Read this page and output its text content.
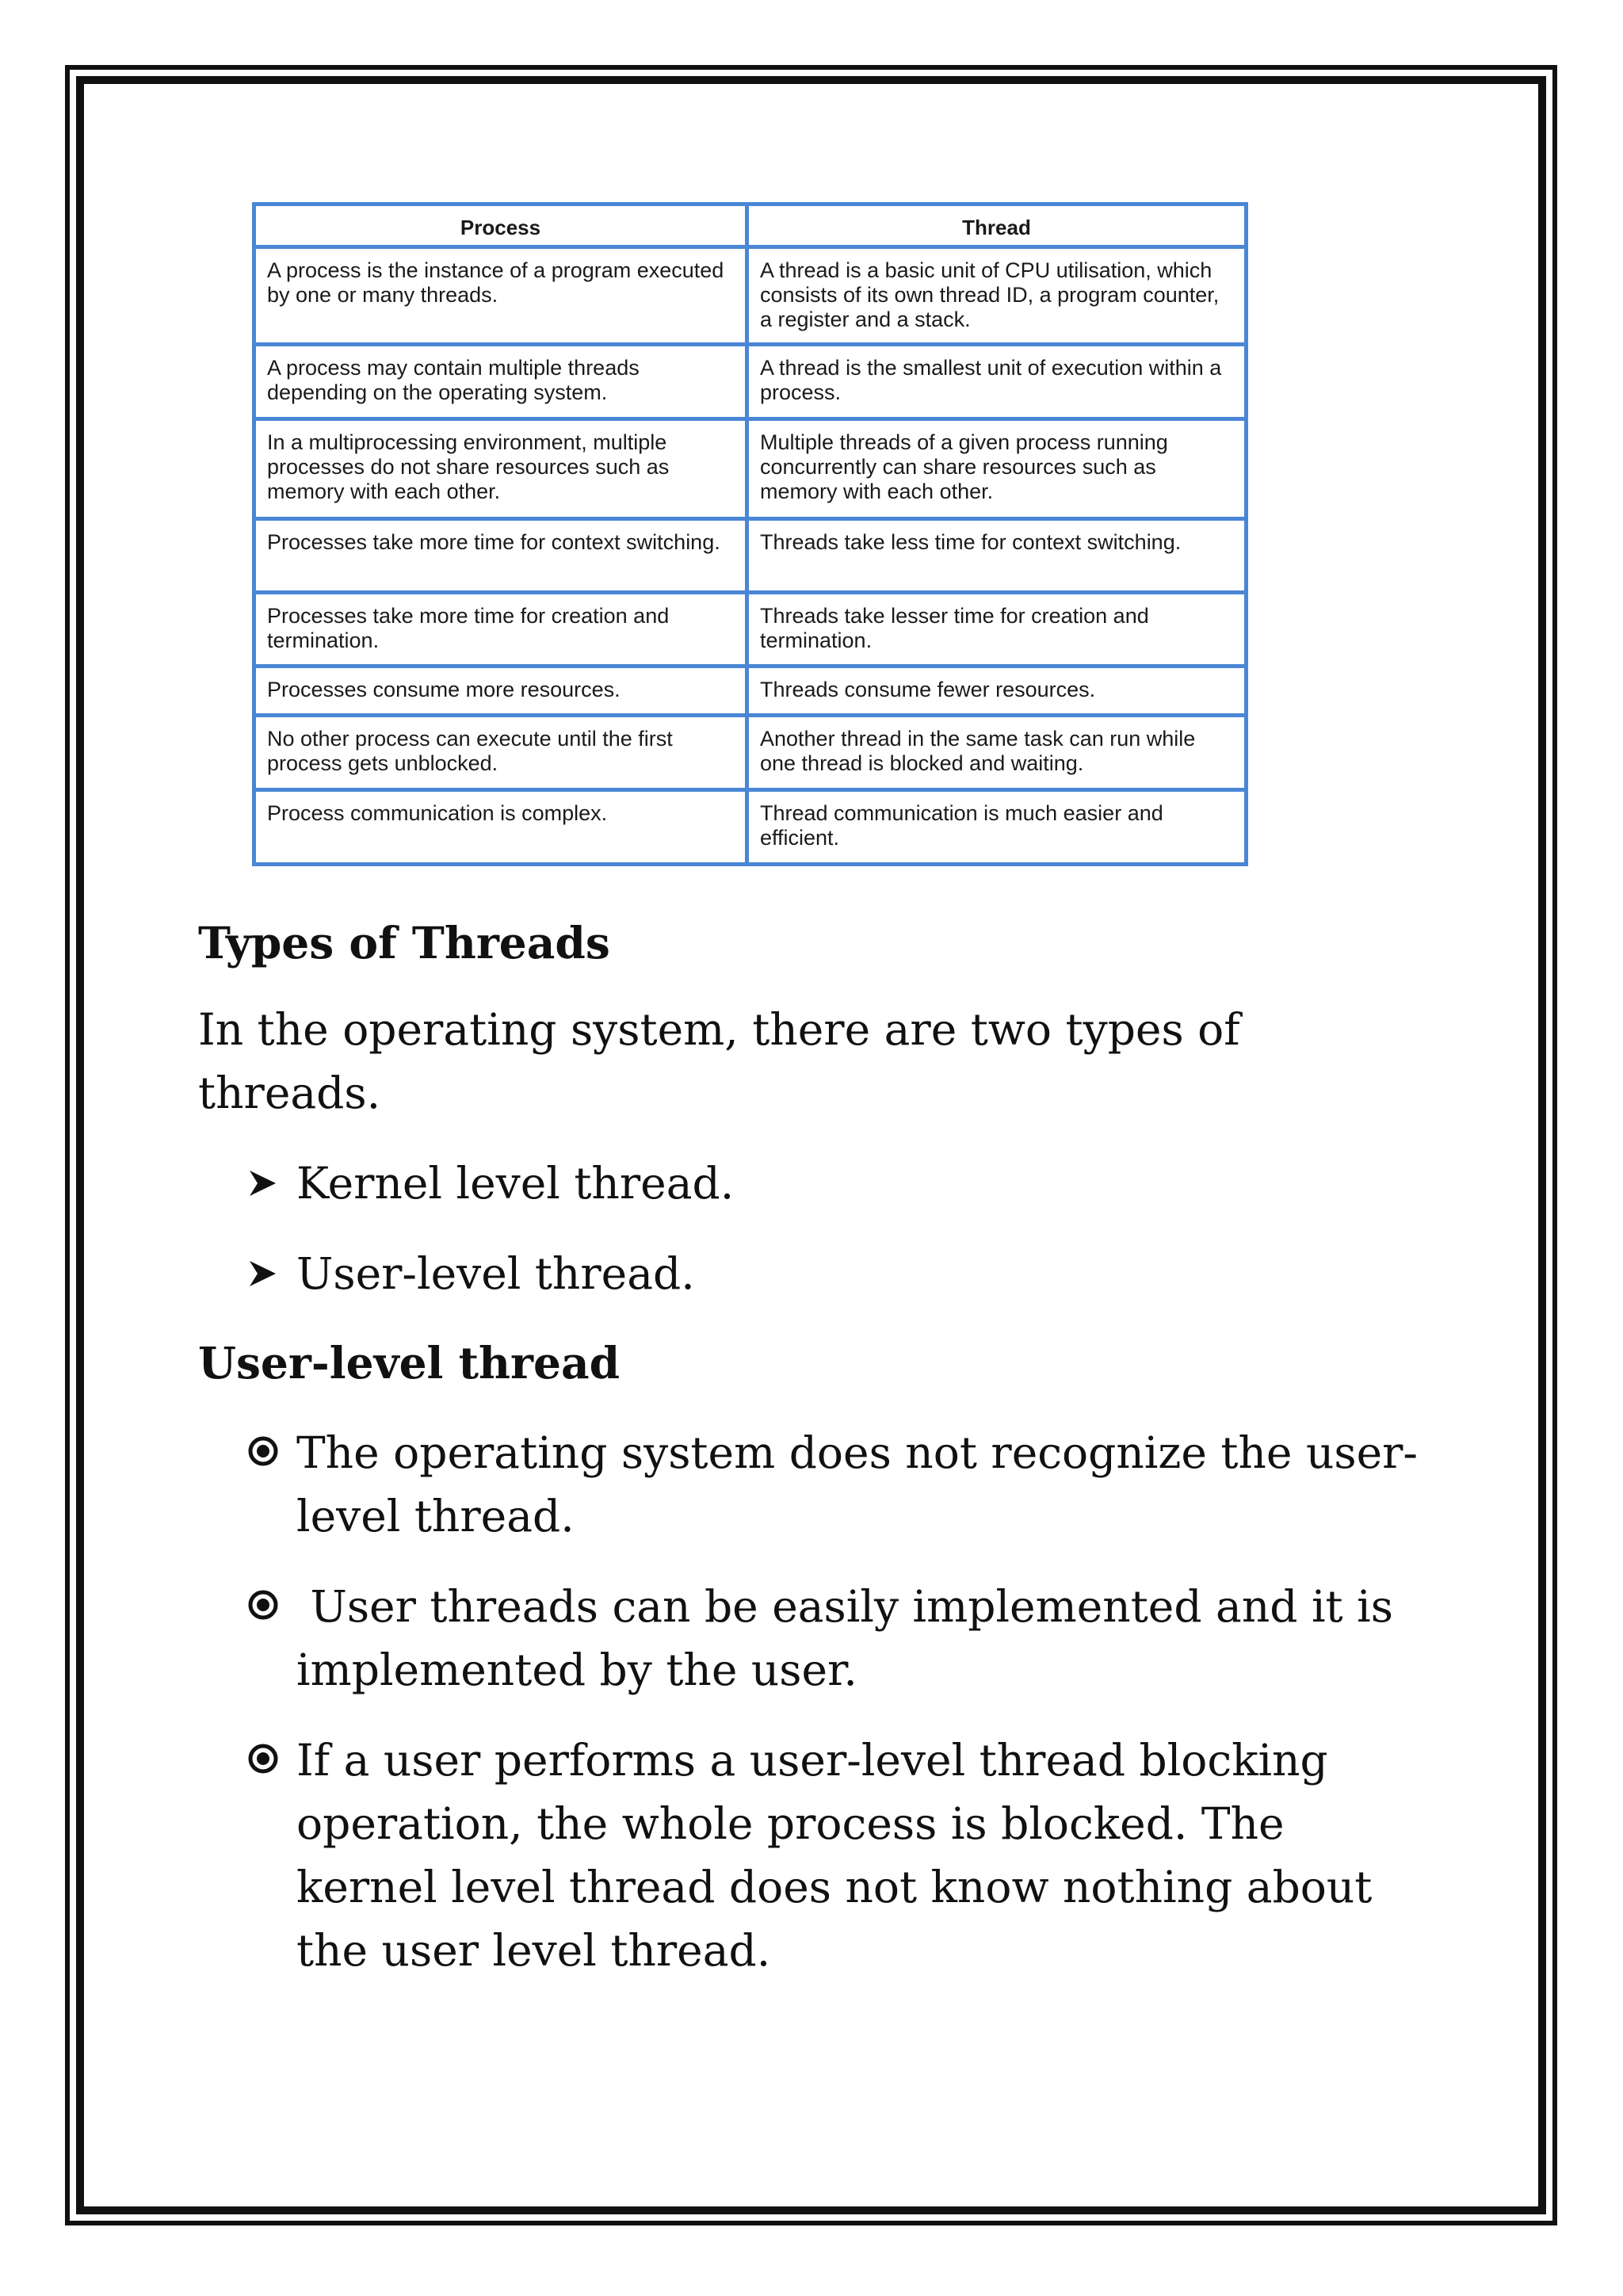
Process	Thread
A process is the instance of a program executed by one or many threads.	A thread is a basic unit of CPU utilisation, which consists of its own thread ID, a program counter, a register and a stack.
A process may contain multiple threads depending on the operating system.	A thread is the smallest unit of execution within a process.
In a multiprocessing environment, multiple processes do not share resources such as memory with each other.	Multiple threads of a given process running concurrently can share resources such as memory with each other.
Processes take more time for context switching.	Threads take less time for context switching.
Processes take more time for creation and termination.	Threads take lesser time for creation and termination.
Processes consume more resources.	Threads consume fewer resources.
No other process can execute until the first process gets unblocked.	Another thread in the same task can run while one thread is blocked and waiting.
Process communication is complex.	Thread communication is much easier and efficient.
Types of Threads

In the operating system, there are two types of threads.

Kernel level thread.
User-level thread.
User-level thread
The operating system does not recognize the user-level thread.
User threads can be easily implemented and it is implemented by the user.
If a user performs a user-level thread blocking operation, the whole process is blocked. The kernel level thread does not know nothing about the user level thread.
